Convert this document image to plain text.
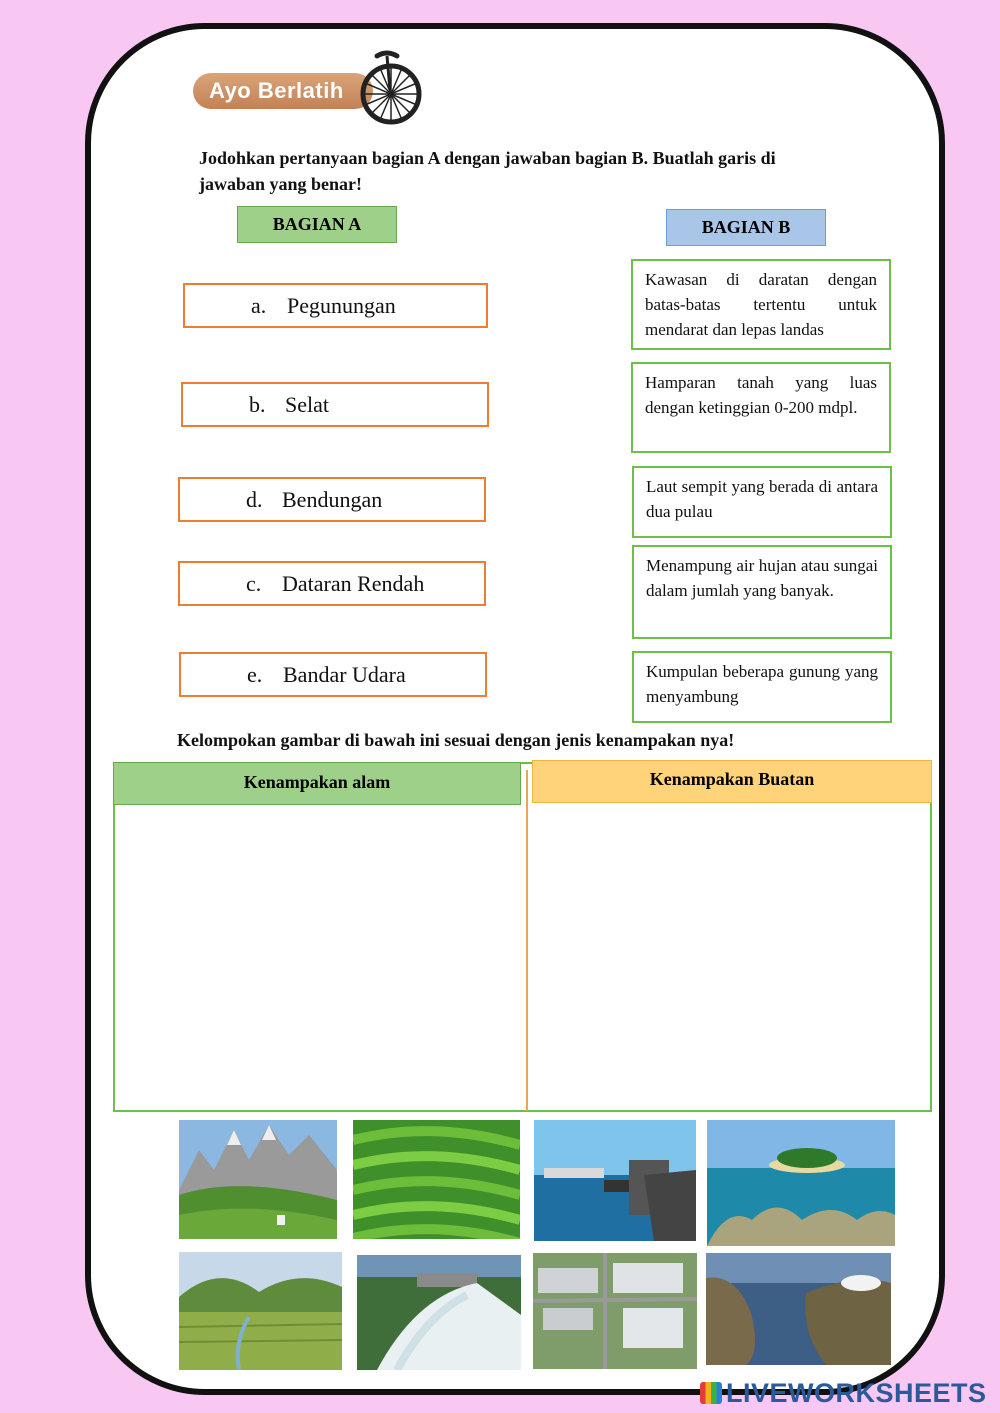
Ayo Berlatih
Jodohkan pertanyaan bagian A dengan jawaban bagian B. Buatlah garis di jawaban yang benar!
BAGIAN A	BAGIAN B
a. Pegunungan
b. Selat
d. Bendungan
c. Dataran Rendah
e. Bandar Udara
Kawasan di daratan dengan batas-batas tertentu untuk mendarat dan lepas landas
Hamparan tanah yang luas dengan ketinggian 0-200 mdpl.
Laut sempit yang berada di antara dua pulau
Menampung air hujan atau sungai dalam jumlah yang banyak.
Kumpulan beberapa gunung yang menyambung
Kelompokan gambar di bawah ini sesuai dengan jenis kenampakan nya!
Kenampakan alam	Kenampakan Buatan
LIVEWORKSHEETS
